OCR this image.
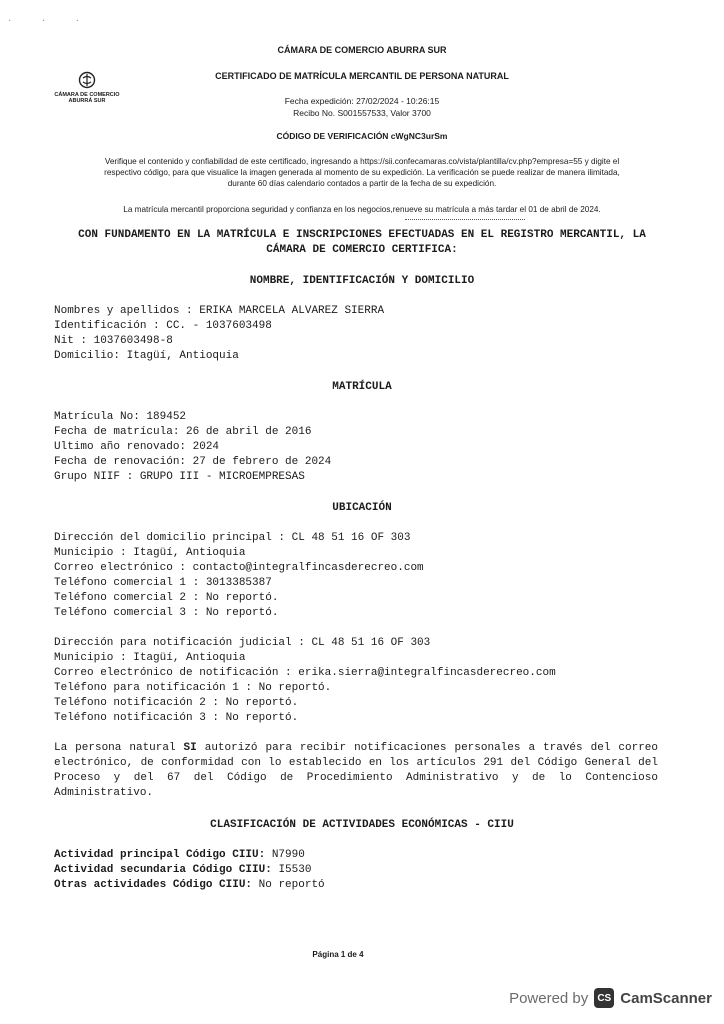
· · ·
CÁMARA DE COMERCIO
ABURRÁ SUR
CÁMARA DE COMERCIO ABURRA SUR
CERTIFICADO DE MATRÍCULA MERCANTIL DE PERSONA NATURAL
Fecha expedición: 27/02/2024 - 10:26:15
Recibo No. S001557533, Valor 3700
CÓDIGO DE VERIFICACIÓN cWgNC3urSm
Verifique el contenido y confiabilidad de este certificado, ingresando a https://sii.confecamaras.co/vista/plantilla/cv.php?empresa=55 y digite el
respectivo código, para que visualice la imagen generada al momento de su expedición. La verificación se puede realizar de manera ilimitada,
durante 60 días calendario contados a partir de la fecha de su expedición.
La matrícula mercantil proporciona seguridad y confianza en los negocios,renueve su matrícula a más tardar el 01 de abril de 2024.
CON FUNDAMENTO EN LA MATRÍCULA E INSCRIPCIONES EFECTUADAS EN EL REGISTRO MERCANTIL, LA
CÁMARA DE COMERCIO CERTIFICA:
NOMBRE, IDENTIFICACIÓN Y DOMICILIO
Nombres y apellidos : ERIKA MARCELA ALVAREZ SIERRA
Identificación : CC. - 1037603498
Nit : 1037603498-8
Domicilio: Itagüí, Antioquia
MATRÍCULA
Matrícula No: 189452
Fecha de matrícula: 26 de abril de 2016
Ultimo año renovado: 2024
Fecha de renovación: 27 de febrero de 2024
Grupo NIIF : GRUPO III - MICROEMPRESAS
UBICACIÓN
Dirección del domicilio principal : CL 48 51 16 OF 303
Municipio : Itagüí, Antioquia
Correo electrónico : contacto@integralfincasderecreo.com
Teléfono comercial 1 : 3013385387
Teléfono comercial 2 : No reportó.
Teléfono comercial 3 : No reportó.
Dirección para notificación judicial : CL 48 51 16 OF 303
Municipio : Itagüí, Antioquia
Correo electrónico de notificación : erika.sierra@integralfincasderecreo.com
Teléfono para notificación 1 : No reportó.
Teléfono notificación 2 : No reportó.
Teléfono notificación 3 : No reportó.
La persona natural SI autorizó para recibir notificaciones personales a través del correo electrónico, de conformidad con lo establecido en los artículos 291 del Código General del Proceso y del 67 del Código de Procedimiento Administrativo y de lo Contencioso Administrativo.
CLASIFICACIÓN DE ACTIVIDADES ECONÓMICAS - CIIU
Actividad principal Código CIIU: N7990
Actividad secundaria Código CIIU: I5530
Otras actividades Código CIIU: No reportó
Página 1 de 4
Powered by CS CamScanner
